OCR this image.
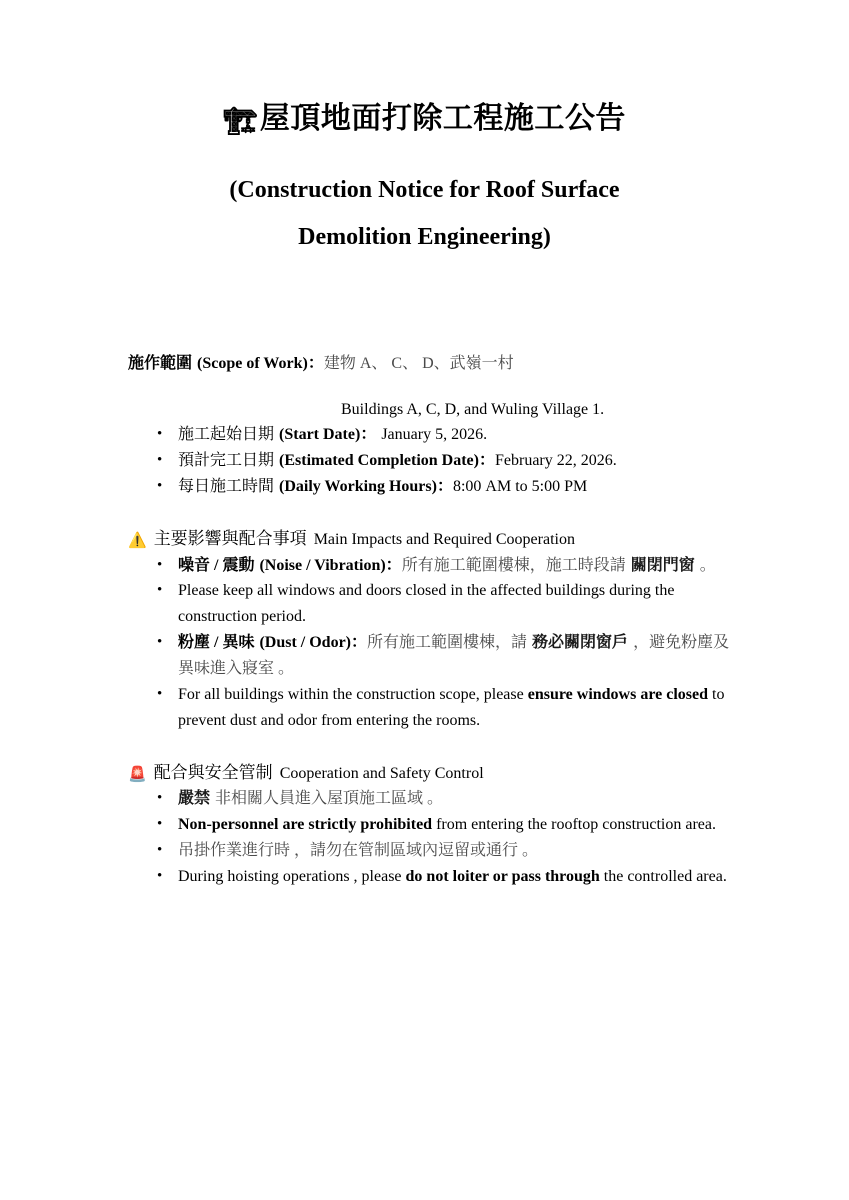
🏗屋頂地面打除工程施工公告
(Construction Notice for Roof Surface
Demolition Engineering)
施作範圍 (Scope of Work)：建物 A、 C、 D、武嶺一村
Buildings A, C, D, and Wuling Village 1.
• 施工起始日期 (Start Date)： January 5, 2026.
• 預計完工日期 (Estimated Completion Date)：February 22, 2026.
• 每日施工時間 (Daily Working Hours)：8:00 AM to 5:00 PM
⚠️ 主要影響與配合事項 Main Impacts and Required Cooperation
• 噪音 / 震動 (Noise / Vibration)：所有施工範圍樓棟，施工時段請 關閉門窗 。
• Please keep all windows and doors closed in the affected buildings during the construction period.
• 粉塵 / 異味 (Dust / Odor)：所有施工範圍樓棟，請 務必關閉窗戶 ，避免粉塵及異味進入寢室 。
• For all buildings within the construction scope, please ensure windows are closed to prevent dust and odor from entering the rooms.
🚨 配合與安全管制 Cooperation and Safety Control
• 嚴禁 非相關人員進入屋頂施工區域 。
• Non-personnel are strictly prohibited from entering the rooftop construction area.
• 吊掛作業進行時 ，請勿在管制區域內逗留或通行 。
• During hoisting operations , please do not loiter or pass through the controlled area.
